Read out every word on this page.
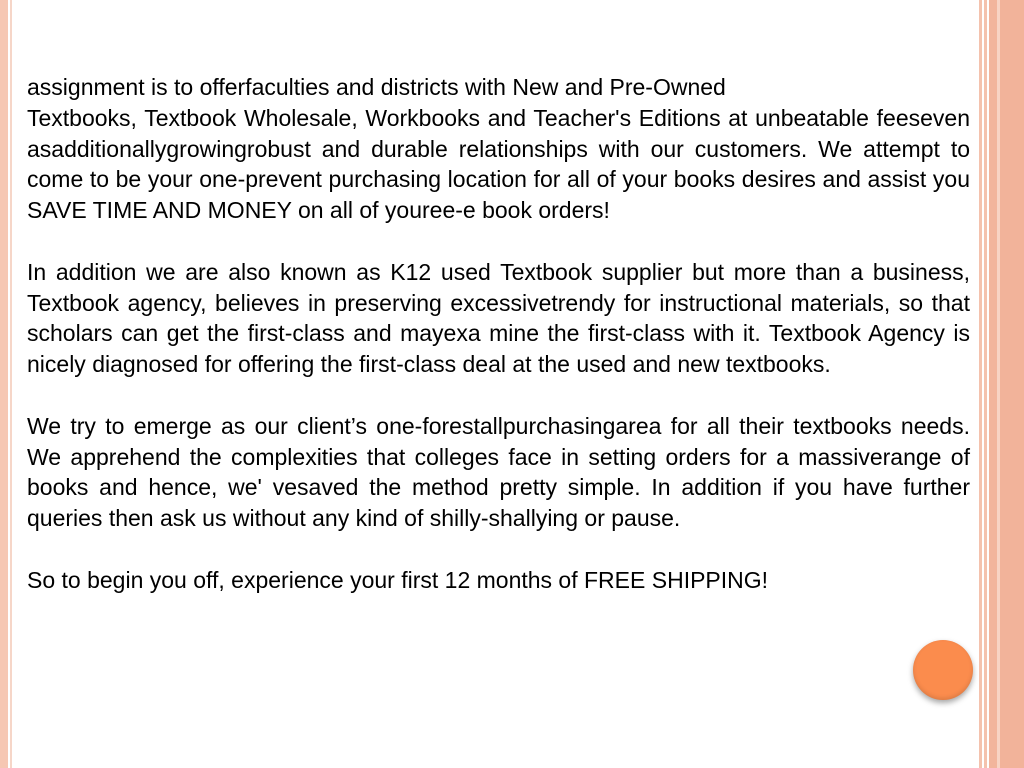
assignment is to offerfaculties and districts with New and Pre-Owned

Textbooks, Textbook Wholesale, Workbooks and Teacher's Editions at unbeatable feeseven asadditionallygrowingrobust and durable relationships with our customers. We attempt to come to be your one-prevent purchasing location for all of your books desires and assist you SAVE TIME AND MONEY on all of youree-e book orders!

In addition we are also known as K12 used Textbook supplier but more than a business, Textbook agency, believes in preserving excessivetrendy for instructional materials, so that scholars can get the first-class and mayexa mine the first-class with it. Textbook Agency is nicely diagnosed for offering the first-class deal at the used and new textbooks.

We try to emerge as our client’s one-forestallpurchasingarea for all their textbooks needs. We apprehend the complexities that colleges face in setting orders for a massiverange of books and hence, we' vesaved the method pretty simple. In addition if you have further queries then ask us without any kind of shilly-shallying or pause.

So to begin you off, experience your first 12 months of FREE SHIPPING!
